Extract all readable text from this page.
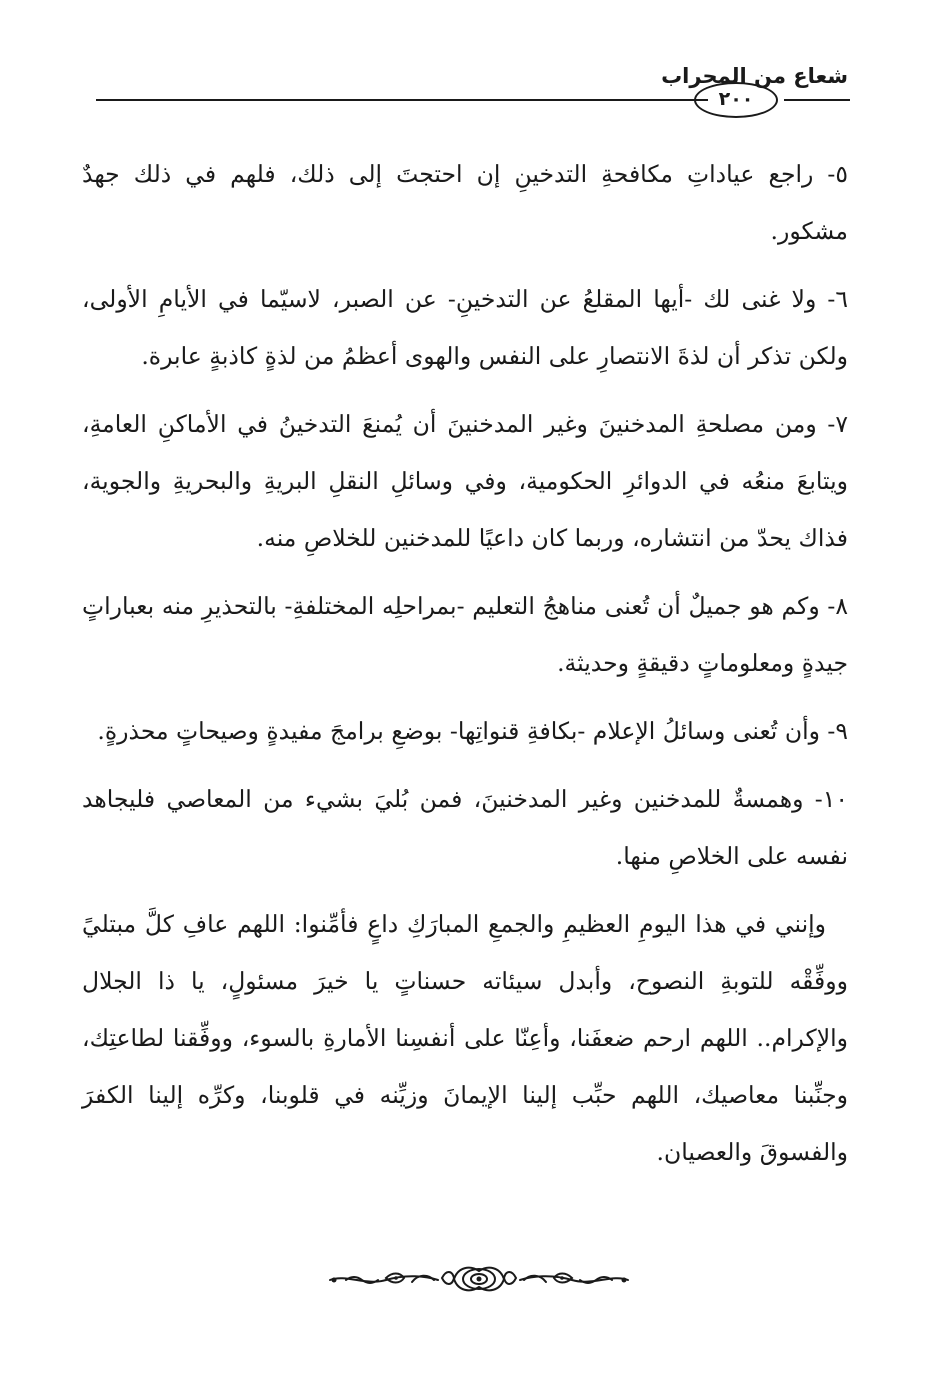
شعاع من المحراب
٢٠٠

٥- راجع عياداتِ مكافحةِ التدخينِ إن احتجتَ إلى ذلك، فلهم في ذلك جهدٌ مشكور.

٦- ولا غنى لك -أيها المقلعُ عن التدخينِ- عن الصبر، لاسيّما في الأيامِ الأولى، ولكن تذكر أن لذةَ الانتصارِ على النفس والهوى أعظمُ من لذةٍ كاذبةٍ عابرة.

٧- ومن مصلحةِ المدخنينَ وغير المدخنينَ أن يُمنعَ التدخينُ في الأماكنِ العامةِ، ويتابعَ منعُه في الدوائرِ الحكومية، وفي وسائلِ النقلِ البريةِ والبحريةِ والجوية، فذاك يحدّ من انتشاره، وربما كان داعيًا للمدخنين للخلاصِ منه.

٨- وكم هو جميلٌ أن تُعنى مناهجُ التعليم -بمراحلِه المختلفةِ- بالتحذيرِ منه بعباراتٍ جيدةٍ ومعلوماتٍ دقيقةٍ وحديثة.

٩- وأن تُعنى وسائلُ الإعلام -بكافةِ قنواتِها- بوضعِ برامجَ مفيدةٍ وصيحاتٍ محذرةٍ.

١٠- وهمسةٌ للمدخنين وغير المدخنينَ، فمن بُليَ بشيء من المعاصي فليجاهد نفسه على الخلاصِ منها.

وإنني في هذا اليومِ العظيمِ والجمعِ المبارَكِ داعٍ فأمِّنوا: اللهم عافِ كلَّ مبتليً ووفِّقْه للتوبةِ النصوح، وأبدل سيئاته حسناتٍ يا خيرَ مسئولٍ، يا ذا الجلال والإكرام.. اللهم ارحم ضعفَنا، وأعِنّا على أنفسِنا الأمارةِ بالسوء، ووفِّقنا لطاعتِك، وجنِّبنا معاصيك، اللهم حبِّب إلينا الإيمانَ وزيِّنه في قلوبنا، وكرِّه إلينا الكفرَ والفسوقَ والعصيان.
